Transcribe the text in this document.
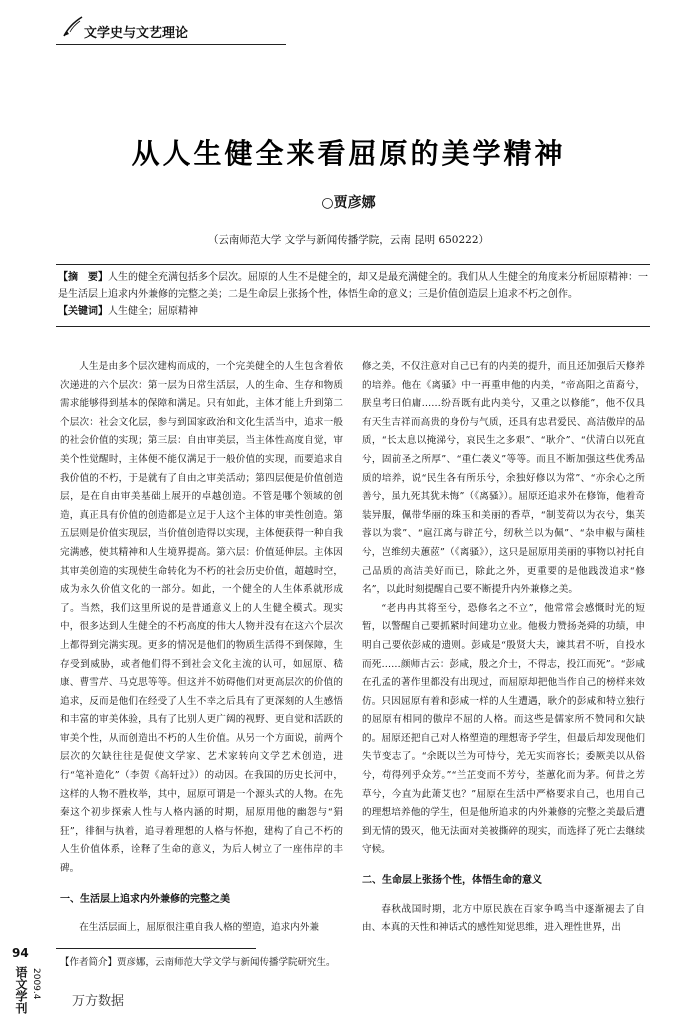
文学史与文艺理论
从人生健全来看屈原的美学精神
○贾彦娜
（云南师范大学 文学与新闻传播学院，云南 昆明 650222）
【摘　要】人生的健全充满包括多个层次。屈原的人生不是健全的，却又是最充满健全的。我们从人生健全的角度来分析屈原精神：一是生活层上追求内外兼修的完整之美；二是生命层上张扬个性，体悟生命的意义；三是价值创造层上追求不朽之创作。
【关键词】人生健全；屈原精神

人生是由多个层次建构而成的，一个完美健全的人生包含着依次递进的六个层次：第一层为日常生活层，人的生命、生存和物质需求能够得到基本的保障和满足。只有如此，主体才能上升到第二个层次：社会文化层，参与到国家政治和文化生活当中，追求一般的社会价值的实现；第三层：自由审美层，当主体性高度自觉，审美个性觉醒时，主体便不能仅满足于一般价值的实现，而要追求自我价值的不朽，于是就有了自由之审美活动；第四层便是价值创造层，是在自由审美基础上展开的卓越创造。不管是哪个领域的创造，真正具有价值的创造都是立足于人这个主体的审美性创造。第五层则是价值实现层，当价值创造得以实现，主体便获得一种自我完满感，使其精神和人生境界提高。第六层：价值延伸层。主体因其审美创造的实现使生命转化为不朽的社会历史价值，超越时空，成为永久价值文化的一部分。如此，一个健全的人生体系就形成了。当然，我们这里所说的是普通意义上的人生健全模式。现实中，很多达到人生健全的不朽高度的伟大人物并没有在这六个层次上都得到完满实现。更多的情况是他们的物质生活得不到保障，生存受到威胁，或者他们得不到社会文化主流的认可，如屈原、嵇康、曹雪芹、马克思等等。但这并不妨碍他们对更高层次的价值的追求，反而是他们在经受了人生不幸之后具有了更深刻的人生感悟和丰富的审美体验，具有了比别人更广阔的视野、更自觉和活跃的审美个性，从而创造出不朽的人生价值。从另一个方面说，前两个层次的欠缺往往是促使文学家、艺术家转向文学艺术创造，进行“笔补造化”（李贺《高轩过》）的动因。在我国的历史长河中，这样的人物不胜枚举，其中，屈原可谓是一个源头式的人物。在先秦这个初步探索人性与人格内涵的时期，屈原用他的幽怨与“狷狂”，徘徊与执着，追寻着理想的人格与怀抱，建构了自己不朽的人生价值体系，诠释了生命的意义，为后人树立了一座伟岸的丰碑。

一、生活层上追求内外兼修的完整之美

在生活层面上，屈原很注重自我人格的塑造，追求内外兼

修之美，不仅注意对自己已有的内美的提升，而且还加强后天修养的培养。他在《离骚》中一再重申他的内美，“帝高阳之苗裔兮，朕皇考曰伯庸……纷吾既有此内美兮，又重之以修能”，他不仅具有天生吉祥而高贵的身份与气质，还具有忠君爱民、高洁傲岸的品质，“长太息以掩涕兮，哀民生之多艰”、“耿介”、“伏清白以死直兮，固前圣之所厚”、“重仁袭义”等等。而且不断加强这些优秀品质的培养，说“民生各有所乐兮，余独好修以为常”、“亦余心之所善兮，虽九死其犹未悔”（《离骚》）。屈原还追求外在修饰，他着奇装异服，佩带华丽的珠玉和美丽的香草，“制芰荷以为衣兮，集芙蓉以为裳”、“扈江离与辟芷兮，纫秋兰以为佩”、“杂申椒与菌桂兮，岂维纫夫蕙茝”（《离骚》），这只是屈原用美丽的事物以衬托自己品质的高洁美好而已，除此之外，更重要的是他践泼追求“修名”，以此时刻提醒自己要不断提升内外兼修之美。

“老冉冉其将至兮，恐修名之不立”，他常常会感慨时光的短暂，以警醒自己要抓紧时间建功立业。他极力赞扬尧舜的功绩，申明自己要依彭咸的遗则。彭咸是“殷贤大夫，谏其君不听，自投水而死……颜师古云：彭咸，殷之介士，不得志，投江而死”。“彭咸在孔孟的著作里都没有出现过，而屈原却把他当作自己的榜样来效仿。只因屈原有着和彭咸一样的人生遭遇，耿介的彭咸和特立独行的屈原有相同的傲岸不屈的人格。而这些是儒家所不赞同和欠缺的。屈原还把自己对人格塑造的理想寄予学生，但最后却发现他们失节变志了。“余既以兰为可恃兮，羌无实而容长；委厥美以从俗兮，苟得列乎众芳。”“兰芷变而不芳兮，荃蕙化而为茅。何昔之芳草兮，今直为此萧艾也？”屈原在生活中严格要求自己，也用自己的理想培养他的学生，但是他所追求的内外兼修的完整之美最后遭到无情的毁灭，他无法面对美被撕碎的现实，而选择了死亡去继续守候。

二、生命层上张扬个性，体悟生命的意义

春秋战国时期，北方中原民族在百家争鸣当中逐渐褪去了自由、本真的天性和神话式的感性知觉思维，进入理性世界，出

【作者简介】贾彦娜，云南师范大学文学与新闻传播学院研究生。
94
语文学刊 2009.4
万方数据
